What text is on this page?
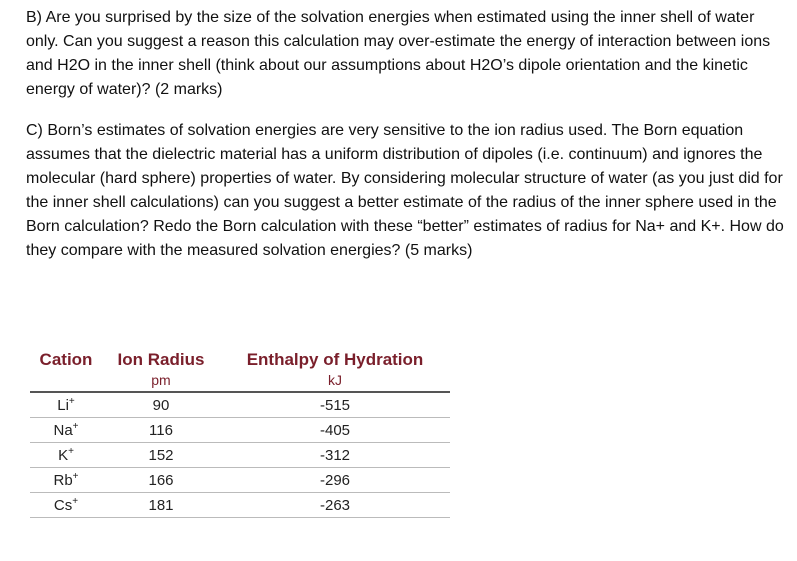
B) Are you surprised by the size of the solvation energies when estimated using the inner shell of water only. Can you suggest a reason this calculation may over-estimate the energy of interaction between ions and H2O in the inner shell (think about our assumptions about H2O’s dipole orientation and the kinetic energy of water)? (2 marks)

C) Born’s estimates of solvation energies are very sensitive to the ion radius used. The Born equation assumes that the dielectric material has a uniform distribution of dipoles (i.e. continuum) and ignores the molecular (hard sphere) properties of water. By considering molecular structure of water (as you just did for the inner shell calculations) can you suggest a better estimate of the radius of the inner sphere used in the Born calculation? Redo the Born calculation with these “better” estimates of radius for Na+ and K+. How do they compare with the measured solvation energies? (5 marks)

Cation	Ion Radius	Enthalpy of Hydration
	pm	kJ
Li+	90	-515
Na+	116	-405
K+	152	-312
Rb+	166	-296
Cs+	181	-263
